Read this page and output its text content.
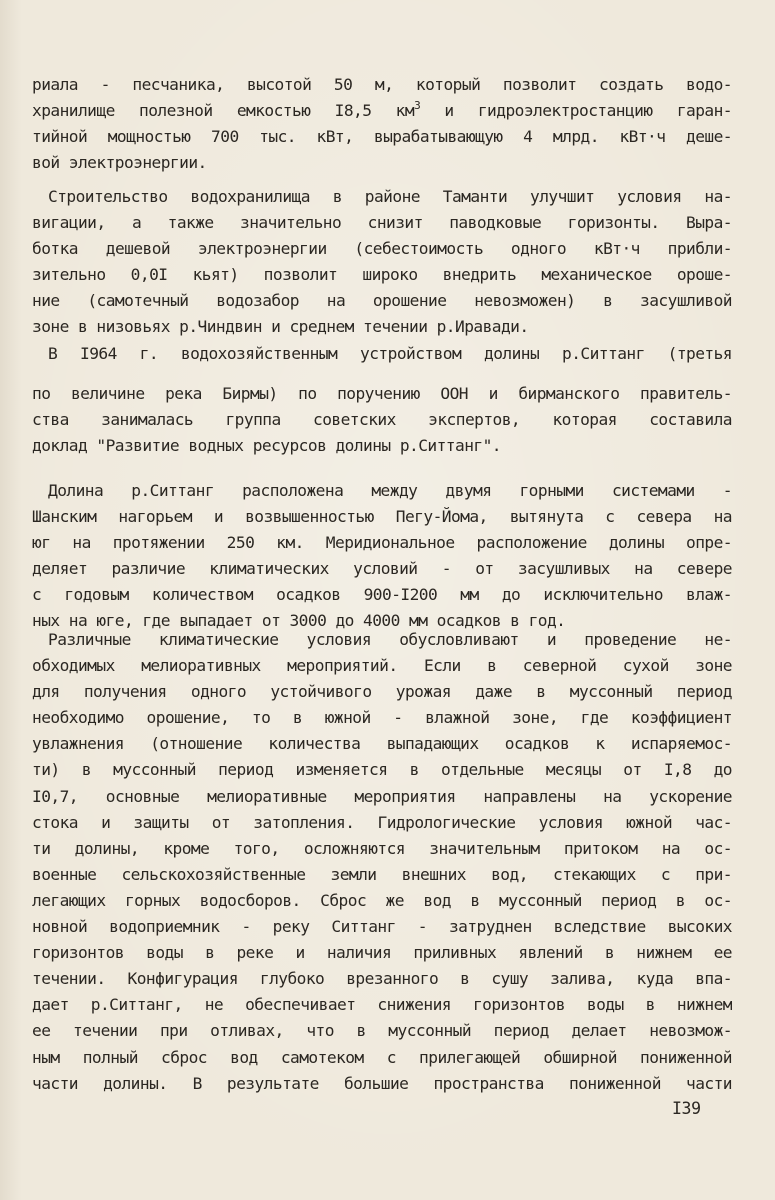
риала - песчаника, высотой 50 м, который позволит создать водо-
хранилище полезной емкостью I8,5 $км^3$ и гидроэлектростанцию гаран-
тийной мощностью 700 тыс. кВт, вырабатывающую 4 млрд. кВт·ч деше-
вой электроэнергии.
Строительство водохранилища в районе Таманти улучшит условия на-
вигации, а также значительно снизит паводковые горизонты. Выра-
ботка дешевой электроэнергии (себестоимость одного кВт·ч прибли-
зительно 0,0I кьят) позволит широко внедрить механическое ороше-
ние (самотечный водозабор на орошение невозможен) в засушливой
зоне в низовьях р.Чиндвин и среднем течении р.Иравади.
В I964 г. водохозяйственным устройством долины р.Ситтанг (третья
по величине река Бирмы) по поручению ООН и бирманского правитель-
ства занималась группа советских экспертов, которая составила
доклад "Развитие водных ресурсов долины р.Ситтанг".
Долина р.Ситтанг расположена между двумя горными системами -
Шанским нагорьем и возвышенностью Пегу-Йома, вытянута с севера на
юг на протяжении 250 км. Меридиональное расположение долины опре-
деляет различие климатических условий - от засушливых на севере
с годовым количеством осадков 900-I200 мм до исключительно влаж-
ных на юге, где выпадает от 3000 до 4000 мм осадков в год.
Различные климатические условия обусловливают и проведение не-
обходимых мелиоративных мероприятий. Если в северной сухой зоне
для получения одного устойчивого урожая даже в муссонный период
необходимо орошение, то в южной - влажной зоне, где коэффициент
увлажнения (отношение количества выпадающих осадков к испаряемос-
ти) в муссонный период изменяется в отдельные месяцы от I,8 до
I0,7, основные мелиоративные мероприятия направлены на ускорение
стока и защиты от затопления. Гидрологические условия южной час-
ти долины, кроме того, осложняются значительным притоком на ос-
военные сельскохозяйственные земли внешних вод, стекающих с при-
легающих горных водосборов. Сброс же вод в муссонный период в ос-
новной водоприемник - реку Ситтанг - затруднен вследствие высоких
горизонтов воды в реке и наличия приливных явлений в нижнем ее
течении. Конфигурация глубоко врезанного в сушу залива, куда впа-
дает р.Ситтанг, не обеспечивает снижения горизонтов воды в нижнем
ее течении при отливах, что в муссонный период делает невозмож-
ным полный сброс вод самотеком с прилегающей обширной пониженной
части долины. В результате большие пространства пониженной части
I39
